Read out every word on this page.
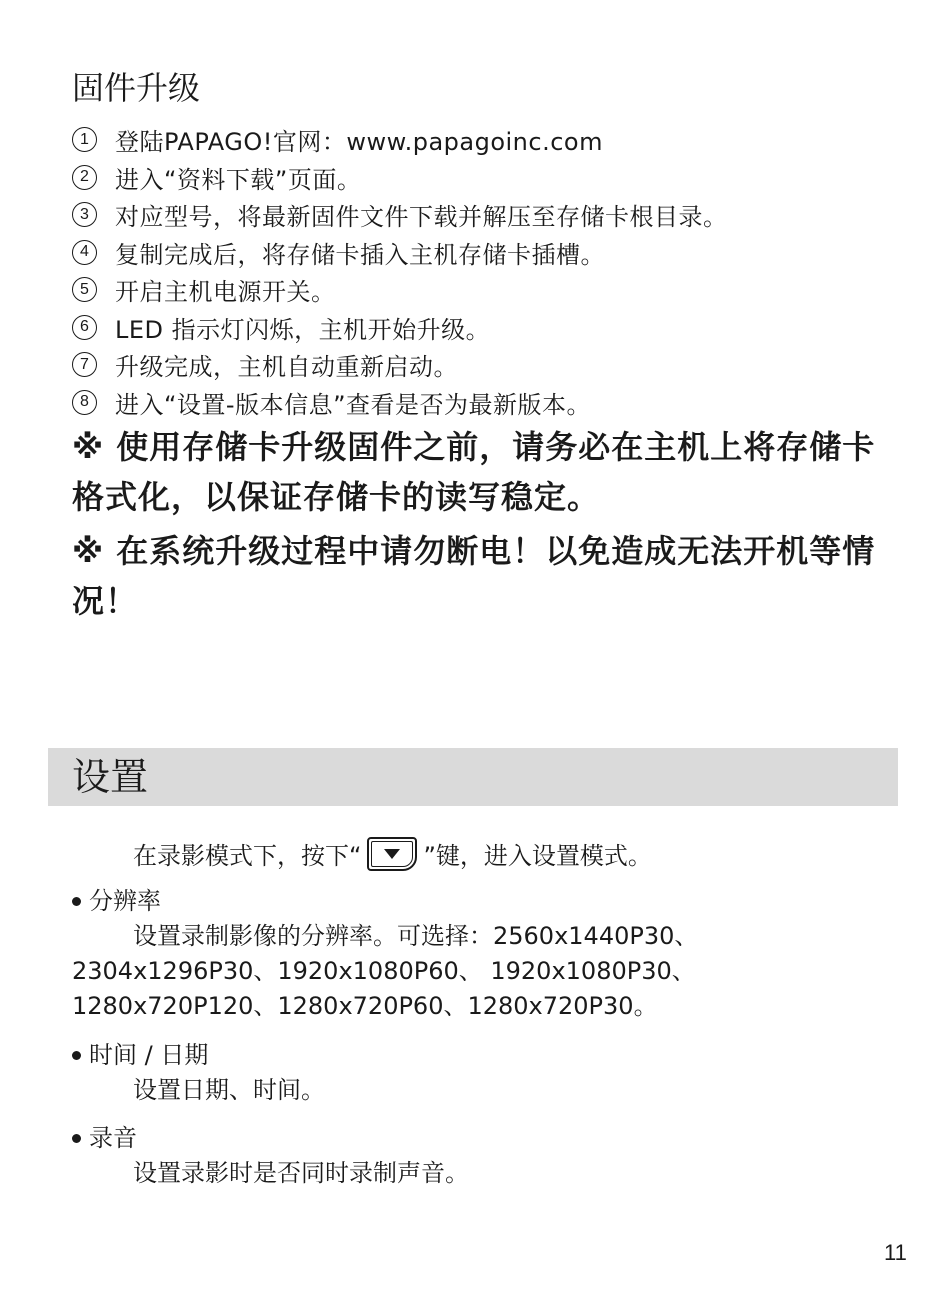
固件升级
1	登陆PAPAGO!官网：www.papagoinc.com
2	进入“资料下载”页面。
3	对应型号，将最新固件文件下载并解压至存储卡根目录。
4	复制完成后，将存储卡插入主机存储卡插槽。
5	开启主机电源开关。
6	LED 指示灯闪烁，主机开始升级。
7	升级完成，主机自动重新启动。
8	进入“设置-版本信息”查看是否为最新版本。

※ 使用存储卡升级固件之前，请务必在主机上将存储卡格式化，以保证存储卡的读写稳定。

※ 在系统升级过程中请勿断电！以免造成无法开机等情况！

设置
在录影模式下，按下“	”键，进入设置模式。
分辨率

设置录制影像的分辨率。可选择：2560x1440P30、2304x1296P30、1920x1080P60、 1920x1080P30、1280x720P120、1280x720P60、1280x720P30。

时间 / 日期

设置日期、时间。

录音

设置录影时是否同时录制声音。

11
